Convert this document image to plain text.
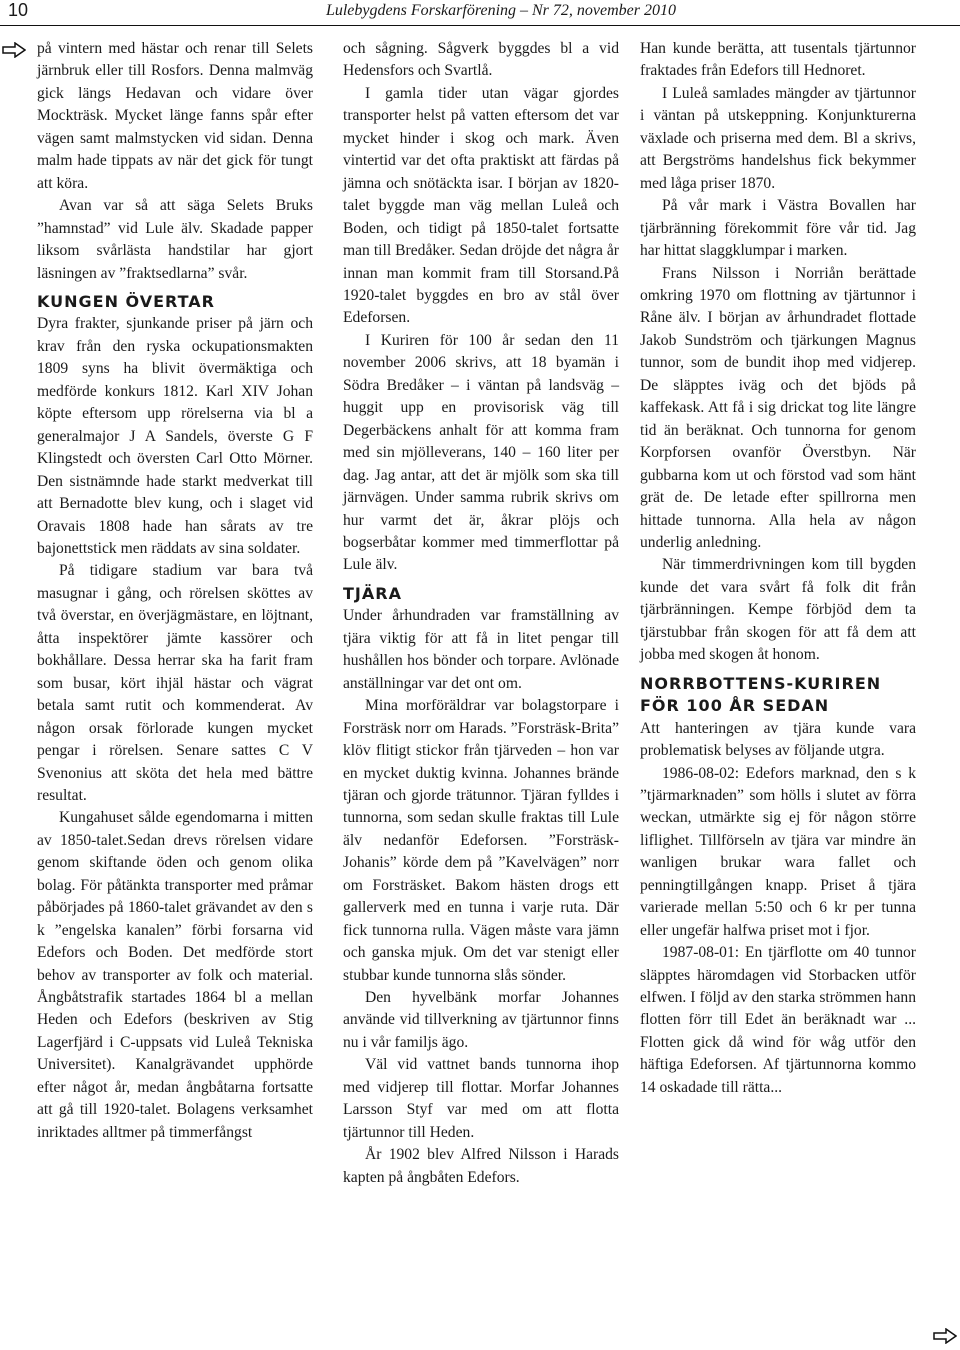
10	Lulebygdens Forskarförening – Nr 72, november 2010

på vintern med hästar och renar till Selets järnbruk eller till Rosfors. Denna malmväg gick längs Hedavan och vidare över Mockträsk. Mycket länge fanns spår efter vägen samt malmstycken vid sidan. Denna malm hade tippats av när det gick för tungt att köra.

Avan var så att säga Selets Bruks ”hamnstad” vid Lule älv. Skadade papper liksom svårlästa handstilar har gjort läsningen av ”fraktsedlarna” svår.

KUNGEN ÖVERTAR

Dyra frakter, sjunkande priser på järn och krav från den ryska ockupationsmakten 1809 syns ha blivit övermäktiga och medförde konkurs 1812. Karl XIV Johan köpte eftersom upp rörelserna via bl a generalmajor J A Sandels, överste G F Klingstedt och översten Carl Otto Mörner. Den sistnämnde hade starkt medverkat till att Bernadotte blev kung, och i slaget vid Oravais 1808 hade han sårats av tre bajonettstick men räddats av sina soldater.

På tidigare stadium var bara två masugnar i gång, och rörelsen sköttes av två överstar, en överjägmästare, en löjtnant, åtta inspektörer jämte kassörer och bokhållare. Dessa herrar ska ha farit fram som busar, kört ihjäl hästar och vägrat betala samt rutit och kommenderat. Av någon orsak förlorade kungen mycket pengar i rörelsen. Senare sattes C V Svenonius att sköta det hela med bättre resultat.

Kungahuset sålde egendomarna i mitten av 1850-talet.Sedan drevs rörelsen vidare genom skiftande öden och genom olika bolag. För påtänkta transporter med pråmar påbörjades på 1860-talet grävandet av den s k ”engelska kanalen” förbi forsarna vid Edefors och Boden. Det medförde stort behov av transporter av folk och material. Ångbåtstrafik startades 1864 bl a mellan Heden och Edefors (beskriven av Stig Lagerfjärd i C-uppsats vid Luleå Tekniska Universitet). Kanalgrävandet upphörde efter något år, medan ångbåtarna fortsatte att gå till 1920-talet. Bolagens verksamhet inriktades alltmer på timmerfångst

och sågning. Sågverk byggdes bl a vid Hedensfors och Svartlå.

I gamla tider utan vägar gjordes transporter helst på vatten eftersom det var mycket hinder i skog och mark. Även vintertid var det ofta praktiskt att färdas på jämna och snötäckta isar. I början av 1820-talet byggde man väg mellan Luleå och Boden, och tidigt på 1850-talet fortsatte man till Bredåker. Sedan dröjde det några år innan man kommit fram till Storsand.På 1920-talet byggdes en bro av stål över Edeforsen.

I Kuriren för 100 år sedan den 11 november 2006 skrivs, att 18 byamän i Södra Bredåker – i väntan på landsväg – huggit upp en provisorisk väg till Degerbäckens anhalt för att komma fram med sin mjölleverans, 140 – 160 liter per dag. Jag antar, att det är mjölk som ska till järnvägen. Under samma rubrik skrivs om hur varmt det är, åkrar plöjs och bogserbåtar kommer med timmerflottar på Lule älv.

TJÄRA

Under århundraden var framställning av tjära viktig för att få in litet pengar till hushållen hos bönder och torpare. Avlönade anställningar var det ont om.

Mina morföräldrar var bolagstorpare i Forsträsk norr om Harads. ”Forsträsk-Brita” klöv flitigt stickor från tjärveden – hon var en mycket duktig kvinna. Johannes brände tjäran och gjorde trätunnor. Tjäran fylldes i tunnorna, som sedan skulle fraktas till Lule älv nedanför Edeforsen. ”Forsträsk-Johanis” körde dem på ”Kavelvägen” norr om Forsträsket. Bakom hästen drogs ett gallerverk med en tunna i varje ruta. Där fick tunnorna rulla. Vägen måste vara jämn och ganska mjuk. Om det var stenigt eller stubbar kunde tunnorna slås sönder.

Den hyvelbänk morfar Johannes använde vid tillverkning av tjärtunnor finns nu i vår familjs ägo.

Väl vid vattnet bands tunnorna ihop med vidjerep till flottar. Morfar Johannes Larsson Styf var med om att flotta tjärtunnor till Heden.

År 1902 blev Alfred Nilsson i Harads kapten på ångbåten Edefors.

Han kunde berätta, att tusentals tjärtunnor fraktades från Edefors till Hednoret.

I Luleå samlades mängder av tjärtunnor i väntan på utskeppning. Konjunkturerna växlade och priserna med dem. Bl a skrivs, att Bergströms handelshus fick bekymmer med låga priser 1870.

På vår mark i Västra Bovallen har tjärbränning förekommit före vår tid. Jag har hittat slaggklumpar i marken.

Frans Nilsson i Norriån berättade omkring 1970 om flottning av tjärtunnor i Råne älv. I början av århundradet flottade Jakob Sundström och tjärkungen Magnus tunnor, som de bundit ihop med vidjerep. De släpptes iväg och det bjöds på kaffekask. Att få i sig drickat tog lite längre tid än beräknat. Och tunnorna for genom Korpforsen ovanför Överstbyn. När gubbarna kom ut och förstod vad som hänt grät de. De letade efter spillrorna men hittade tunnorna. Alla hela av någon underlig anledning.

När timmerdrivningen kom till bygden kunde det vara svårt få folk dit från tjärbränningen. Kempe förbjöd dem ta tjärstubbar från skogen för att få dem att jobba med skogen åt honom.

NORRBOTTENS-KURIREN FÖR 100 ÅR SEDAN

Att hanteringen av tjära kunde vara problematisk belyses av följande utgra.

1986-08-02: Edefors marknad, den s k ”tjärmarknaden” som hölls i slutet av förra weckan, utmärkte sig ej för någon större liflighet. Tillförseln av tjära var mindre än wanligen brukar wara fallet och penningtillgången knapp. Priset å tjära varierade mellan 5:50 och 6 kr per tunna eller ungefär halfwa priset mot i fjor.

1987-08-01: En tjärflotte om 40 tunnor släpptes häromdagen vid Storbacken utför elfwen. I följd av den starka strömmen hann flotten förr till Edet än beräknadt war ... Flotten gick då wind för wåg utför den häftiga Edeforsen. Af tjärtunnorna kommo 14 oskadade till rätta...
